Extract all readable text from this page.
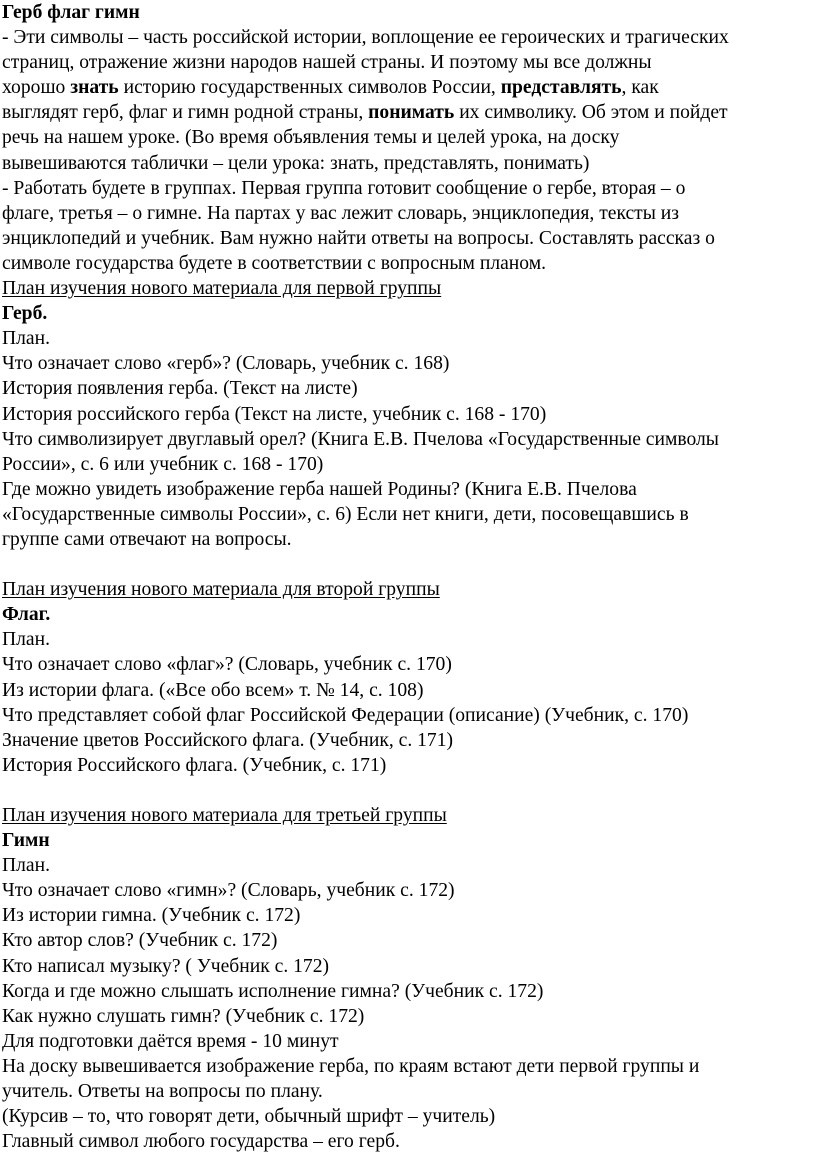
Герб флаг гимн
- Эти символы – часть российской истории, воплощение ее героических и трагических
страниц, отражение жизни народов нашей страны. И поэтому мы все должны
хорошо знать историю государственных символов России, представлять, как
выглядят герб, флаг и гимн родной страны, понимать их символику. Об этом и пойдет
речь на нашем уроке. (Во время объявления темы и целей урока, на доску
вывешиваются таблички – цели урока: знать, представлять, понимать)
- Работать будете в группах. Первая группа готовит сообщение о гербе, вторая – о
флаге, третья – о гимне. На партах у вас лежит словарь, энциклопедия, тексты из
энциклопедий и учебник. Вам нужно найти ответы на вопросы. Составлять рассказ о
символе государства будете в соответствии с вопросным планом.
План изучения нового материала для первой группы
Герб.
План.
Что означает слово «герб»? (Словарь, учебник с. 168)
История появления герба. (Текст на листе)
История российского герба (Текст на листе, учебник с. 168 - 170)
Что символизирует двуглавый орел? (Книга Е.В. Пчелова «Государственные символы
России», с. 6 или учебник с. 168 - 170)
Где можно увидеть изображение герба нашей Родины? (Книга Е.В. Пчелова
«Государственные символы России», с. 6) Если нет книги, дети, посовещавшись в
группе сами отвечают на вопросы.
План изучения нового материала для второй группы
Флаг.
План.
Что означает слово «флаг»? (Словарь, учебник с. 170)
Из истории флага. («Все обо всем» т. № 14, с. 108)
Что представляет собой флаг Российской Федерации (описание) (Учебник, с. 170)
Значение цветов Российского флага. (Учебник, с. 171)
История Российского флага. (Учебник, с. 171)
План изучения нового материала для третьей группы
Гимн
План.
Что означает слово «гимн»? (Словарь, учебник с. 172)
Из истории гимна. (Учебник с. 172)
Кто автор слов? (Учебник с. 172)
Кто написал музыку? ( Учебник с. 172)
Когда и где можно слышать исполнение гимна? (Учебник с. 172)
Как нужно слушать гимн? (Учебник с. 172)
Для подготовки даётся время - 10 минут
На доску вывешивается изображение герба, по краям встают дети первой группы и
учитель. Ответы на вопросы по плану.
(Курсив – то, что говорят дети, обычный шрифт – учитель)
Главный символ любого государства – его герб.
